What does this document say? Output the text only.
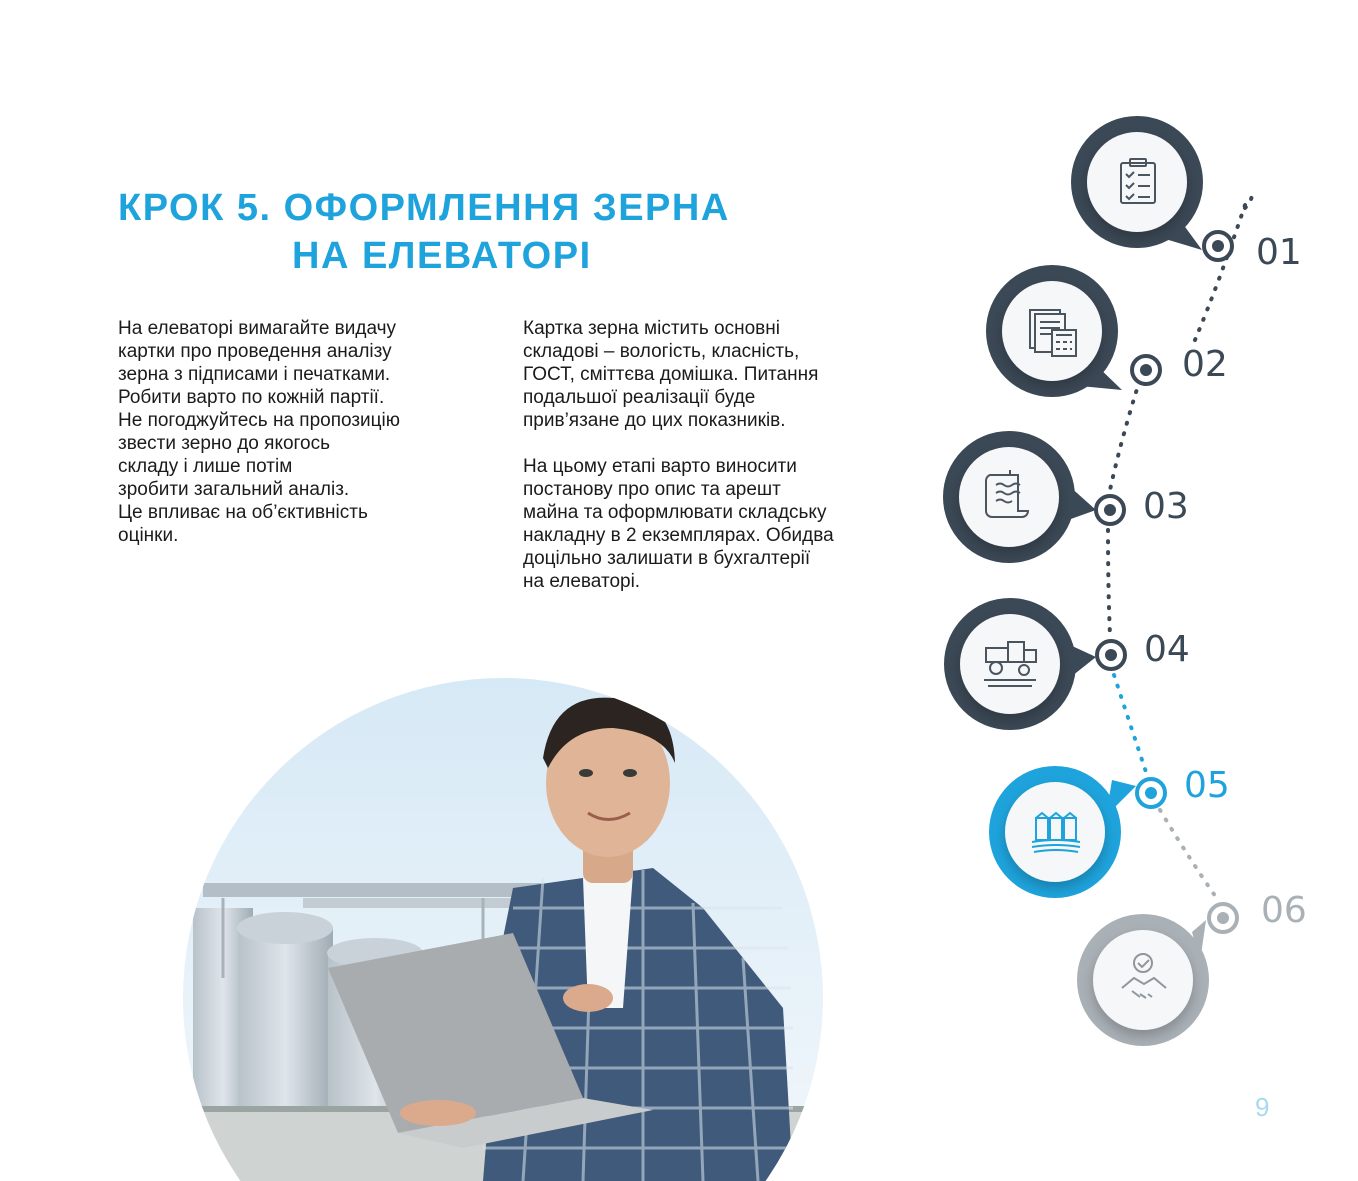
КРОК 5. ОФОРМЛЕННЯ ЗЕРНА
НА ЕЛЕВАТОРІ

На елеваторі вимагайте видачу
картки про проведення аналізу
зерна з підписами і печатками.
Робити варто по кожній партії.
Не погоджуйтесь на пропозицію
звести зерно до якогось
складу і лише потім
зробити загальний аналіз.
Це впливає на об’єктивність
оцінки.

Картка зерна містить основні
складові – вологість, класність,
ГОСТ, сміттєва домішка. Питання
подальшої реалізації буде
прив’язане до цих показників.

На цьому етапі варто виносити
постанову про опис та арешт
майна та оформлювати складську
накладну в 2 екземплярах. Обидва
доцільно залишати в бухгалтерії
на елеваторі.

01
02
03
04
05
06
9
